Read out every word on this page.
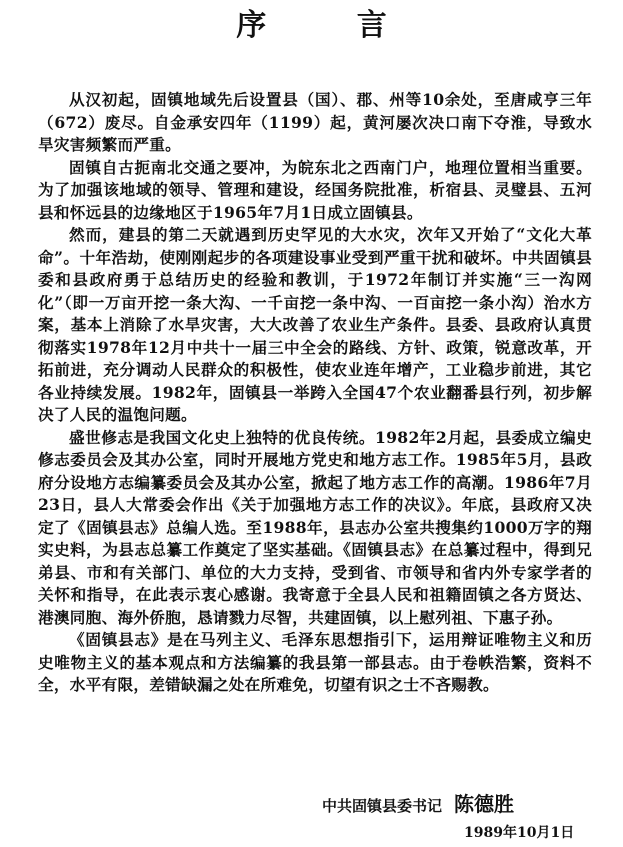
序 言

从汉初起，固镇地域先后设置县（国）、郡、州等10余处，至唐咸亨三年（672）废尽。自金承安四年（1199）起，黄河屡次决口南下夺淮，导致水旱灾害频繁而严重。

固镇自古扼南北交通之要冲，为皖东北之西南门户，地理位置相当重要。为了加强该地域的领导、管理和建设，经国务院批准，析宿县、灵璧县、五河县和怀远县的边缘地区于1965年7月1日成立固镇县。

然而，建县的第二天就遇到历史罕见的大水灾，次年又开始了“文化大革命”。十年浩劫，使刚刚起步的各项建设事业受到严重干扰和破坏。中共固镇县委和县政府勇于总结历史的经验和教训，于1972年制订并实施“三一沟网化”（即一万亩开挖一条大沟、一千亩挖一条中沟、一百亩挖一条小沟）治水方案，基本上消除了水旱灾害，大大改善了农业生产条件。县委、县政府认真贯彻落实1978年12月中共十一届三中全会的路线、方针、政策，锐意改革，开拓前进，充分调动人民群众的积极性，使农业连年增产，工业稳步前进，其它各业持续发展。1982年，固镇县一举跨入全国47个农业翻番县行列，初步解决了人民的温饱问题。

盛世修志是我国文化史上独特的优良传统。1982年2月起，县委成立编史修志委员会及其办公室，同时开展地方党史和地方志工作。1985年5月，县政府分设地方志编纂委员会及其办公室，掀起了地方志工作的高潮。1986年7月23日，县人大常委会作出《关于加强地方志工作的决议》。年底，县政府又决定了《固镇县志》总编人选。至1988年，县志办公室共搜集约1000万字的翔实史料，为县志总纂工作奠定了坚实基础。《固镇县志》在总纂过程中，得到兄弟县、市和有关部门、单位的大力支持，受到省、市领导和省内外专家学者的关怀和指导，在此表示衷心感谢。我寄意于全县人民和祖籍固镇之各方贤达、港澳同胞、海外侨胞，恳请戮力尽智，共建固镇，以上慰列祖、下惠子孙。

《固镇县志》是在马列主义、毛泽东思想指引下，运用辩证唯物主义和历史唯物主义的基本观点和方法编纂的我县第一部县志。由于卷帙浩繁，资料不全，水平有限，差错缺漏之处在所难免，切望有识之士不吝赐教。

中共固镇县委书记 陈德胜
1989年10月1日
